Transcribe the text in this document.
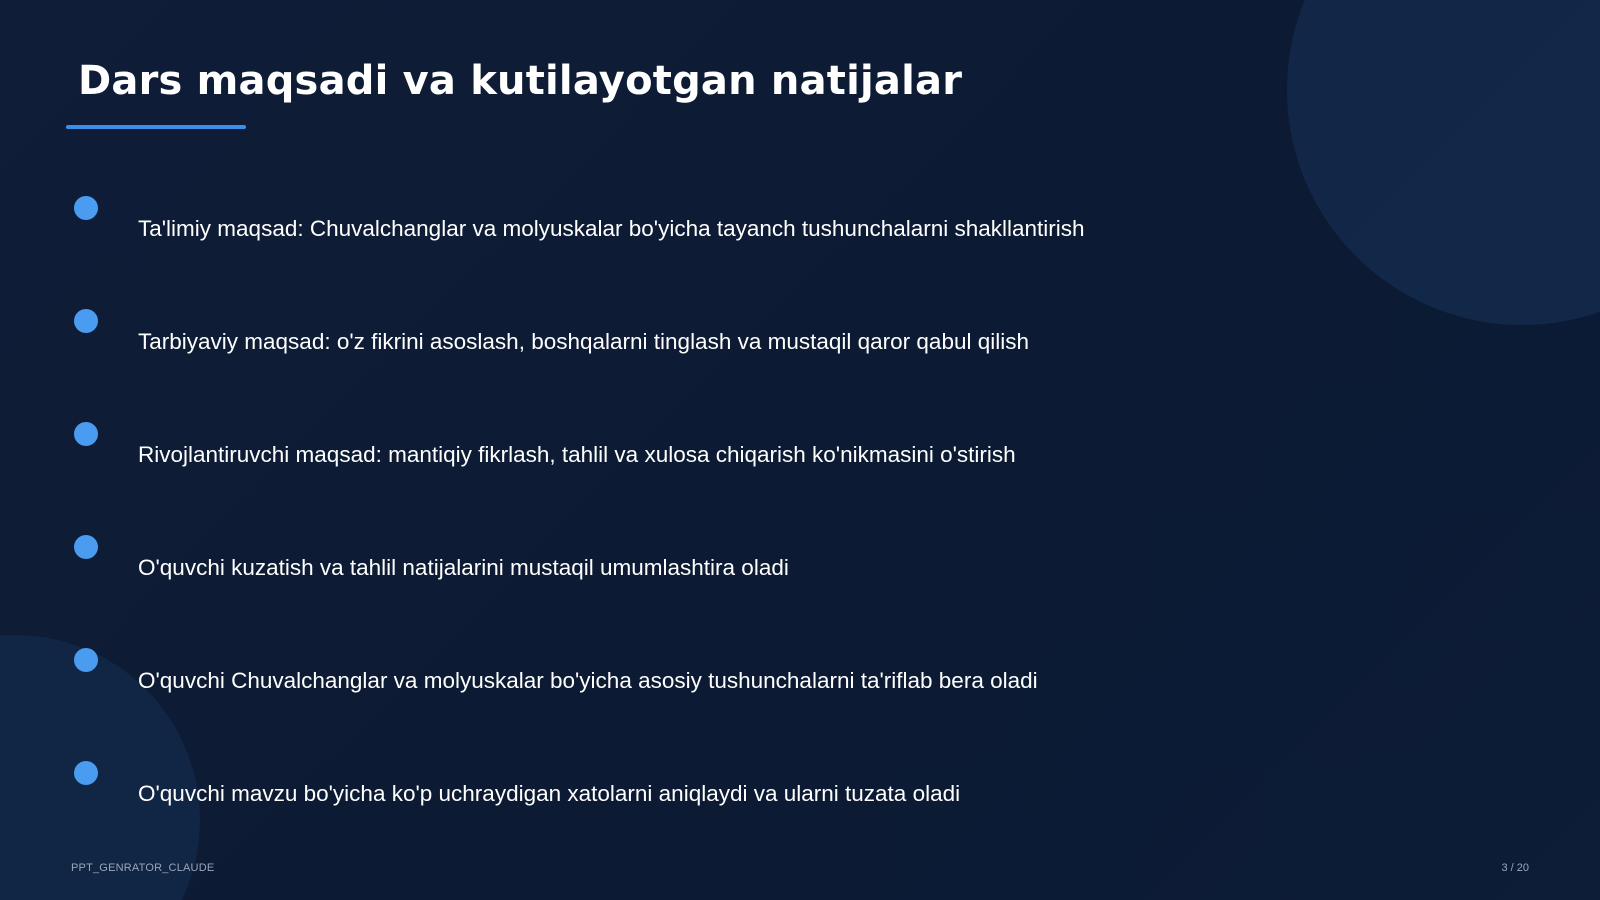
Dars maqsadi va kutilayotgan natijalar
Ta'limiy maqsad: Chuvalchanglar va molyuskalar bo'yicha tayanch tushunchalarni shakllantirish
Tarbiyaviy maqsad: o'z fikrini asoslash, boshqalarni tinglash va mustaqil qaror qabul qilish
Rivojlantiruvchi maqsad: mantiqiy fikrlash, tahlil va xulosa chiqarish ko'nikmasini o'stirish
O'quvchi kuzatish va tahlil natijalarini mustaqil umumlashtira oladi
O'quvchi Chuvalchanglar va molyuskalar bo'yicha asosiy tushunchalarni ta'riflab bera oladi
O'quvchi mavzu bo'yicha ko'p uchraydigan xatolarni aniqlaydi va ularni tuzata oladi
PPT_GENRATOR_CLAUDE	3 / 20
